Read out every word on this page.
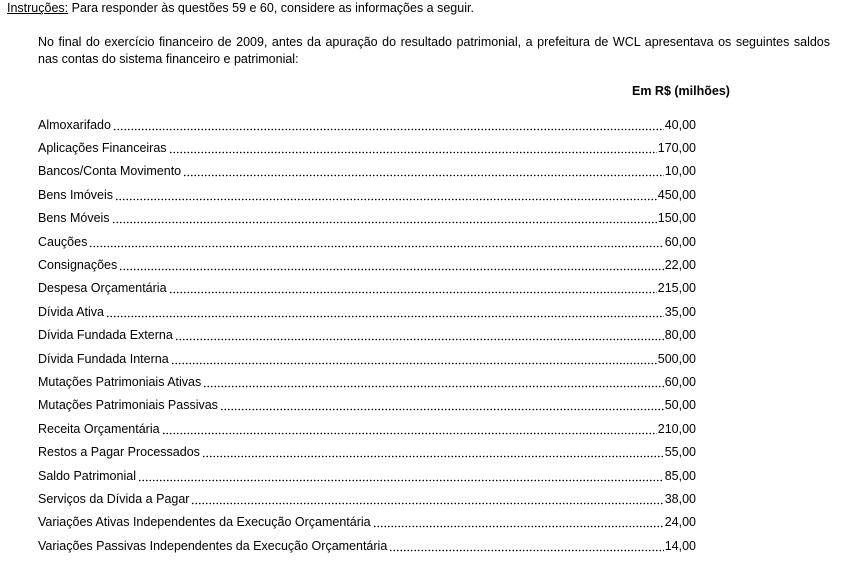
Instruções: Para responder às questões 59 e 60, considere as informações a seguir.
No final do exercício financeiro de 2009, antes da apuração do resultado patrimonial, a prefeitura de WCL apresentava os seguintes saldos nas contas do sistema financeiro e patrimonial:
Em R$ (milhões)
Almoxarifado	40,00
Aplicações Financeiras	170,00
Bancos/Conta Movimento	10,00
Bens Imóveis	450,00
Bens Móveis	150,00
Cauções	60,00
Consignações	22,00
Despesa Orçamentária	215,00
Dívida Ativa	35,00
Dívida Fundada Externa	80,00
Dívida Fundada Interna	500,00
Mutações Patrimoniais Ativas	60,00
Mutações Patrimoniais Passivas	50,00
Receita Orçamentária	210,00
Restos a Pagar Processados	55,00
Saldo Patrimonial	85,00
Serviços da Dívida a Pagar	38,00
Variações Ativas Independentes da Execução Orçamentária	24,00
Variações Passivas Independentes da Execução Orçamentária	14,00
